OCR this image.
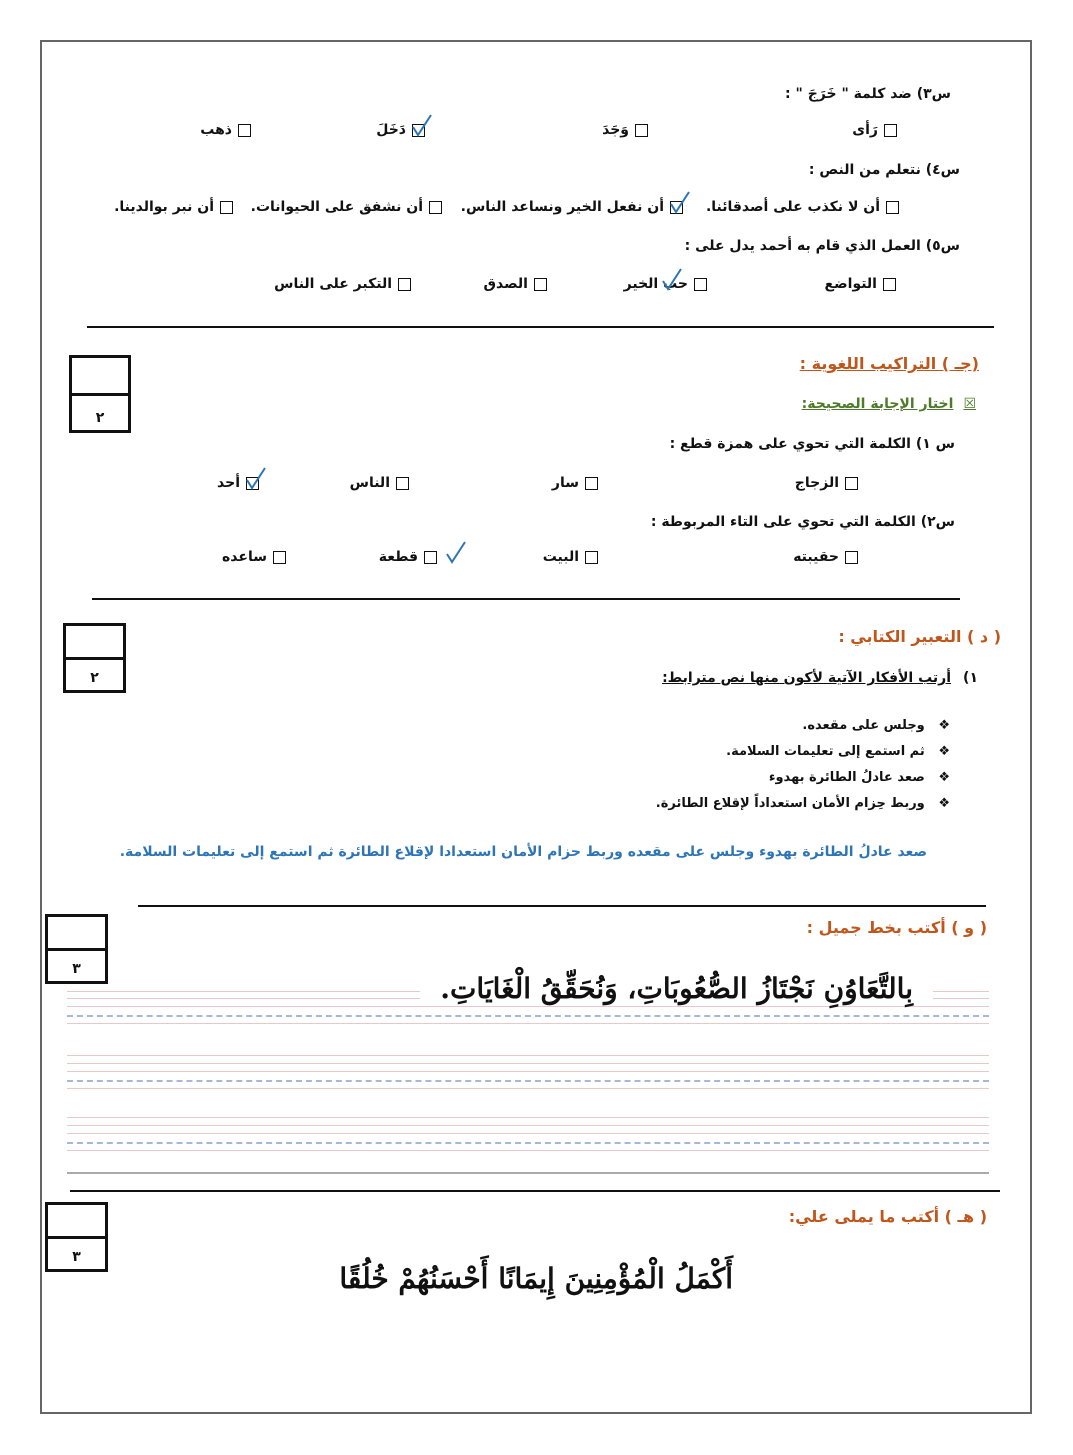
س٣) ضد كلمة " خَرَجَ " :
رَأى
وَجَدَ
دَخَلَ
ذهب
س٤) نتعلم من النص :
أن لا نكذب على أصدقائنا.
أن نفعل الخير ونساعد الناس.
أن نشفق على الحيوانات.
أن نبر بوالدينا.
س٥) العمل الذي قام به أحمد يدل على :
التواضع
حب الخير
الصدق
التكبر على الناس
٢
(جـ ) التراكيب اللغوية :
☒
اختار الإجابة الصحيحة:
س ١) الكلمة التي تحوي على همزة قطع :
الزجاج
سار
الناس
أحد
س٢) الكلمة التي تحوي على التاء المربوطة :
حقيبته
البيت
قطعة
ساعده
٢
( د ) التعبير الكتابي :
١)
أرتب الأفكار الآتية لأكون منها نص مترابط:
❖   وجلس على مقعده.
❖   ثم استمع إلى تعليمات السلامة.
❖   صعد عادلُ الطائرة بهدوء
❖   وربط حِزام الأمان استعداداً لإقلاع الطائرة.
صعد عادلُ الطائرة بهدوء وجلس على مقعده وربط حزام الأمان استعدادا لإقلاع الطائرة ثم استمع إلى تعليمات السلامة.
٣
( و ) أكتب بخط جميل :
بِالتَّعَاوُنِ نَجْتَازُ الصُّعُوبَاتِ، وَنُحَقِّقُ الْغَايَاتِ.
٣
( هـ ) أكتب ما يملى علي:
أَكْمَلُ الْمُؤْمِنِينَ إِيمَانًا أَحْسَنُهُمْ خُلُقًا
